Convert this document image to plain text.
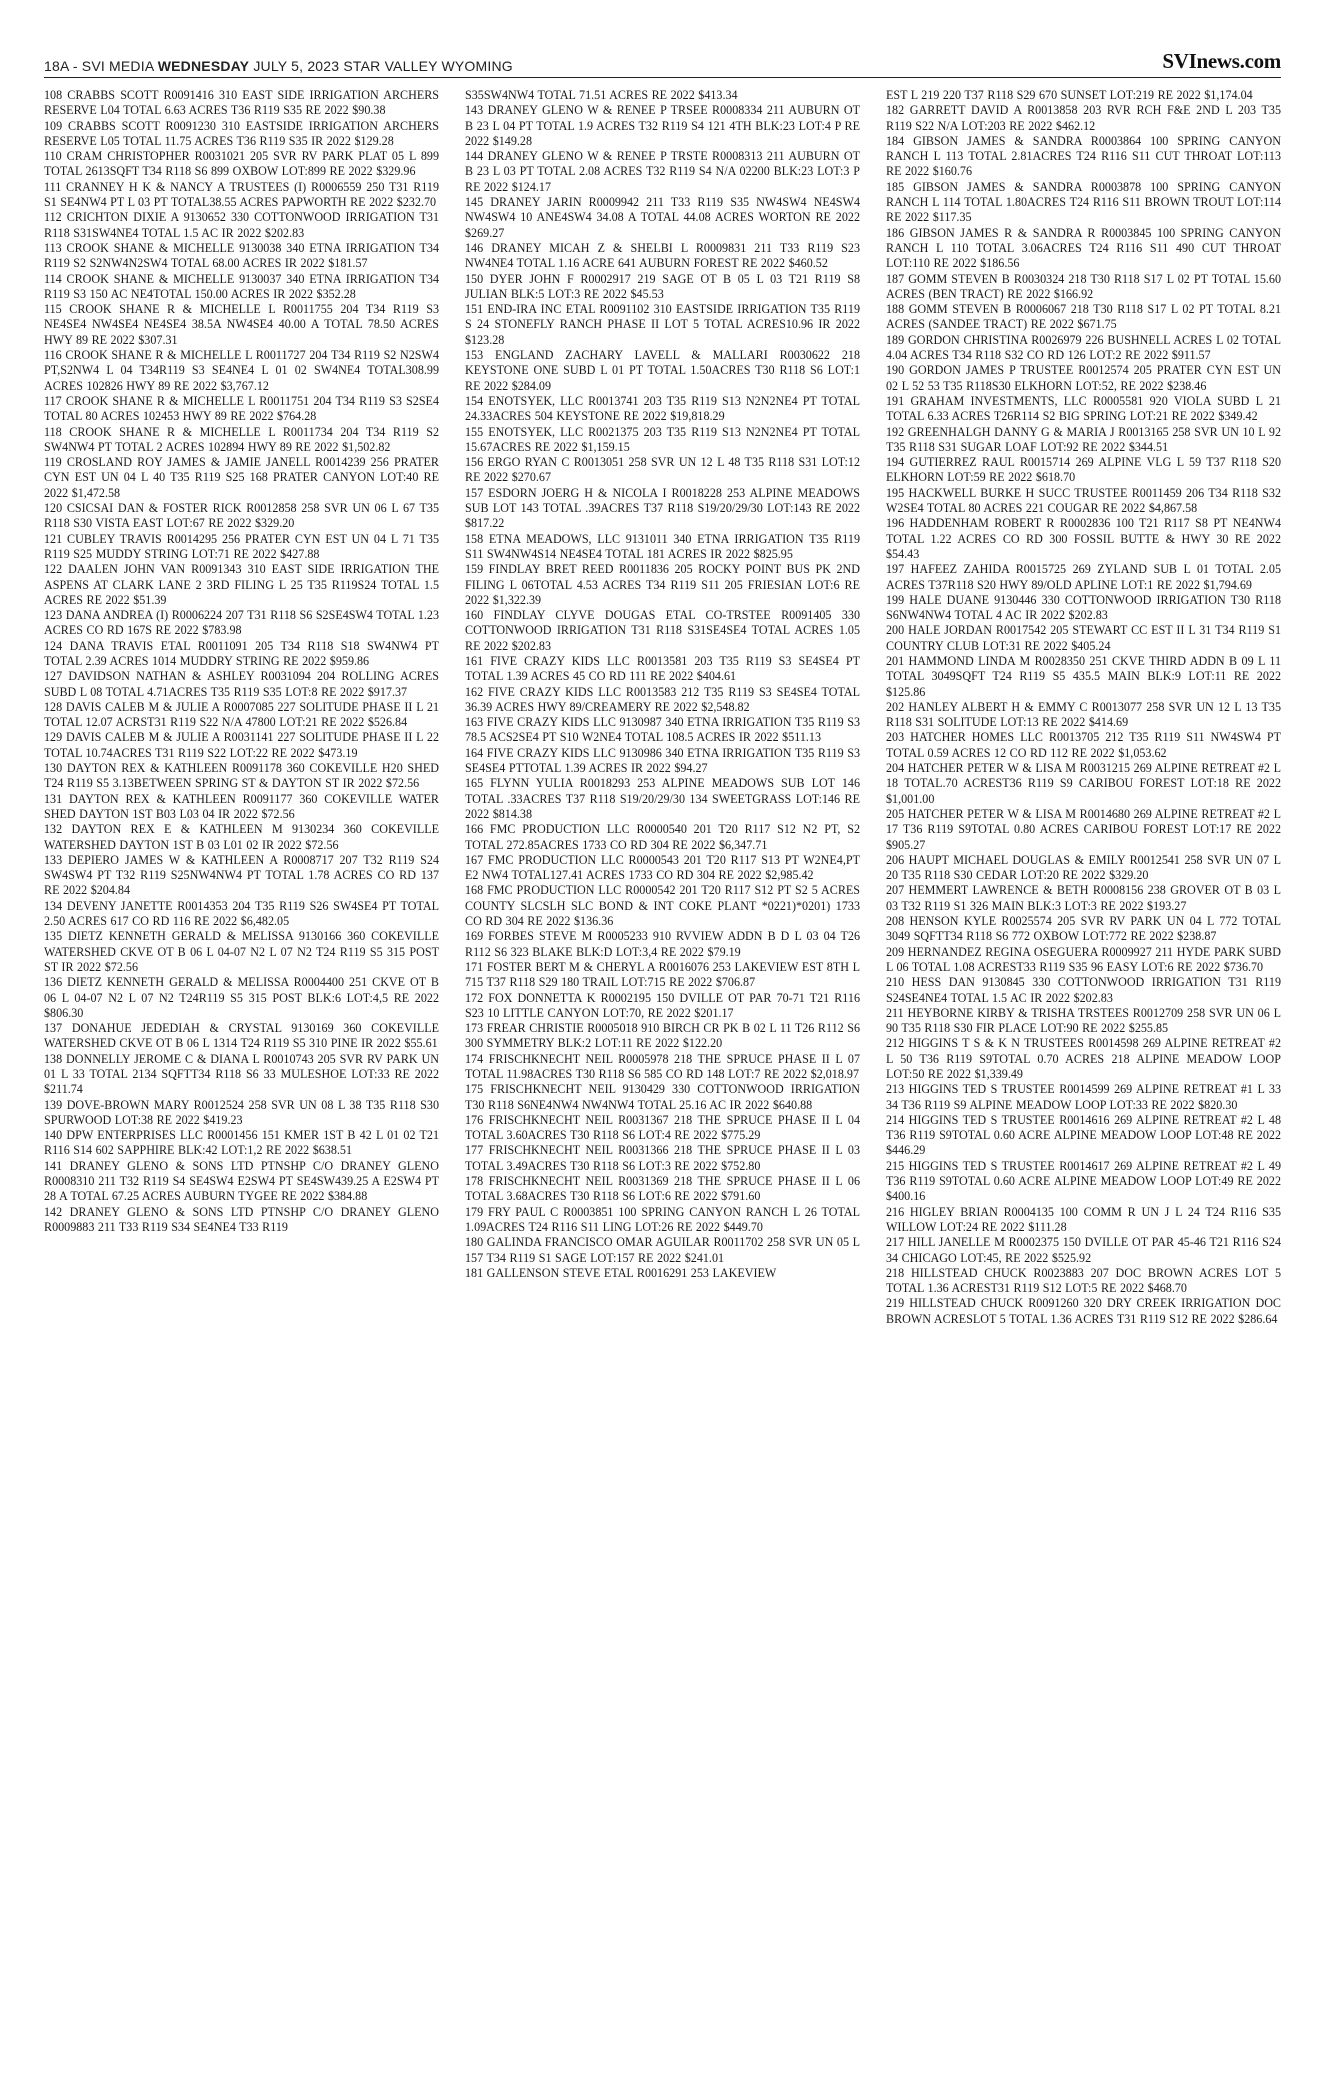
18A - SVI MEDIA WEDNESDAY JULY 5, 2023 STAR VALLEY WYOMING	SVInews.com

108 CRABBS SCOTT R0091416 310 EAST SIDE IRRIGATION ARCHERS RESERVE L04 TOTAL 6.63 ACRES T36 R119 S35 RE 2022 $90.38

109 CRABBS SCOTT R0091230 310 EASTSIDE IRRIGATION ARCHERS RESERVE L05 TOTAL 11.75 ACRES T36 R119 S35 IR 2022 $129.28

110 CRAM CHRISTOPHER R0031021 205 SVR RV PARK PLAT 05 L 899 TOTAL 2613SQFT T34 R118 S6 899 OXBOW LOT:899 RE 2022 $329.96

111 CRANNEY H K & NANCY A TRUSTEES (I) R0006559 250 T31 R119 S1 SE4NW4 PT L 03 PT TOTAL38.55 ACRES PAPWORTH RE 2022 $232.70

112 CRICHTON DIXIE A 9130652 330 COTTONWOOD IRRIGATION T31 R118 S31SW4NE4 TOTAL 1.5 AC IR 2022 $202.83

113 CROOK SHANE & MICHELLE 9130038 340 ETNA IRRIGATION T34 R119 S2 S2NW4N2SW4 TOTAL 68.00 ACRES IR 2022 $181.57

114 CROOK SHANE & MICHELLE 9130037 340 ETNA IRRIGATION T34 R119 S3 150 AC NE4TOTAL 150.00 ACRES IR 2022 $352.28

115 CROOK SHANE R & MICHELLE L R0011755 204 T34 R119 S3 NE4SE4 NW4SE4 NE4SE4 38.5A NW4SE4 40.00 A TOTAL 78.50 ACRES HWY 89 RE 2022 $307.31

116 CROOK SHANE R & MICHELLE L R0011727 204 T34 R119 S2 N2SW4 PT,S2NW4 L 04 T34R119 S3 SE4NE4 L 01 02 SW4NE4 TOTAL308.99 ACRES 102826 HWY 89 RE 2022 $3,767.12

117 CROOK SHANE R & MICHELLE L R0011751 204 T34 R119 S3 S2SE4 TOTAL 80 ACRES 102453 HWY 89 RE 2022 $764.28

118 CROOK SHANE R & MICHELLE L R0011734 204 T34 R119 S2 SW4NW4 PT TOTAL 2 ACRES 102894 HWY 89 RE 2022 $1,502.82

119 CROSLAND ROY JAMES & JAMIE JANELL R0014239 256 PRATER CYN EST UN 04 L 40 T35 R119 S25 168 PRATER CANYON LOT:40 RE 2022 $1,472.58

120 CSICSAI DAN & FOSTER RICK R0012858 258 SVR UN 06 L 67 T35 R118 S30 VISTA EAST LOT:67 RE 2022 $329.20

121 CUBLEY TRAVIS R0014295 256 PRATER CYN EST UN 04 L 71 T35 R119 S25 MUDDY STRING LOT:71 RE 2022 $427.88

122 DAALEN JOHN VAN R0091343 310 EAST SIDE IRRIGATION THE ASPENS AT CLARK LANE 2 3RD FILING L 25 T35 R119S24 TOTAL 1.5 ACRES RE 2022 $51.39

123 DANA ANDREA (I) R0006224 207 T31 R118 S6 S2SE4SW4 TOTAL 1.23 ACRES CO RD 167S RE 2022 $783.98

124 DANA TRAVIS ETAL R0011091 205 T34 R118 S18 SW4NW4 PT TOTAL 2.39 ACRES 1014 MUDDRY STRING RE 2022 $959.86

127 DAVIDSON NATHAN & ASHLEY R0031094 204 ROLLING ACRES SUBD L 08 TOTAL 4.71ACRES T35 R119 S35 LOT:8 RE 2022 $917.37

128 DAVIS CALEB M & JULIE A R0007085 227 SOLITUDE PHASE II L 21 TOTAL 12.07 ACRST31 R119 S22 N/A 47800 LOT:21 RE 2022 $526.84

129 DAVIS CALEB M & JULIE A R0031141 227 SOLITUDE PHASE II L 22 TOTAL 10.74ACRES T31 R119 S22 LOT:22 RE 2022 $473.19

130 DAYTON REX & KATHLEEN R0091178 360 COKEVILLE H20 SHED T24 R119 S5 3.13BETWEEN SPRING ST & DAYTON ST IR 2022 $72.56

131 DAYTON REX & KATHLEEN R0091177 360 COKEVILLE WATER SHED DAYTON 1ST B03 L03 04 IR 2022 $72.56

132 DAYTON REX E & KATHLEEN M 9130234 360 COKEVILLE WATERSHED DAYTON 1ST B 03 L01 02 IR 2022 $72.56

133 DEPIERO JAMES W & KATHLEEN A R0008717 207 T32 R119 S24 SW4SW4 PT T32 R119 S25NW4NW4 PT TOTAL 1.78 ACRES CO RD 137 RE 2022 $204.84

134 DEVENY JANETTE R0014353 204 T35 R119 S26 SW4SE4 PT TOTAL 2.50 ACRES 617 CO RD 116 RE 2022 $6,482.05

135 DIETZ KENNETH GERALD & MELISSA 9130166 360 COKEVILLE WATERSHED CKVE OT B 06 L 04-07 N2 L 07 N2 T24 R119 S5 315 POST ST IR 2022 $72.56

136 DIETZ KENNETH GERALD & MELISSA R0004400 251 CKVE OT B 06 L 04-07 N2 L 07 N2 T24R119 S5 315 POST BLK:6 LOT:4,5 RE 2022 $806.30

137 DONAHUE JEDEDIAH & CRYSTAL 9130169 360 COKEVILLE WATERSHED CKVE OT B 06 L 1314 T24 R119 S5 310 PINE IR 2022 $55.61

138 DONNELLY JEROME C & DIANA L R0010743 205 SVR RV PARK UN 01 L 33 TOTAL 2134 SQFTT34 R118 S6 33 MULESHOE LOT:33 RE 2022 $211.74

139 DOVE-BROWN MARY R0012524 258 SVR UN 08 L 38 T35 R118 S30 SPURWOOD LOT:38 RE 2022 $419.23

140 DPW ENTERPRISES LLC R0001456 151 KMER 1ST B 42 L 01 02 T21 R116 S14 602 SAPPHIRE BLK:42 LOT:1,2 RE 2022 $638.51

141 DRANEY GLENO & SONS LTD PTNSHP C/O DRANEY GLENO R0008310 211 T32 R119 S4 SE4SW4 E2SW4 PT SE4SW439.25 A E2SW4 PT 28 A TOTAL 67.25 ACRES AUBURN TYGEE RE 2022 $384.88

142 DRANEY GLENO & SONS LTD PTNSHP C/O DRANEY GLENO R0009883 211 T33 R119 S34 SE4NE4 T33 R119

S35SW4NW4 TOTAL 71.51 ACRES RE 2022 $413.34

143 DRANEY GLENO W & RENEE P TRSEE R0008334 211 AUBURN OT B 23 L 04 PT TOTAL 1.9 ACRES T32 R119 S4 121 4TH BLK:23 LOT:4 P RE 2022 $149.28

144 DRANEY GLENO W & RENEE P TRSTE R0008313 211 AUBURN OT B 23 L 03 PT TOTAL 2.08 ACRES T32 R119 S4 N/A 02200 BLK:23 LOT:3 P RE 2022 $124.17

145 DRANEY JARIN R0009942 211 T33 R119 S35 NW4SW4 NE4SW4 NW4SW4 10 ANE4SW4 34.08 A TOTAL 44.08 ACRES WORTON RE 2022 $269.27

146 DRANEY MICAH Z & SHELBI L R0009831 211 T33 R119 S23 NW4NE4 TOTAL 1.16 ACRE 641 AUBURN FOREST RE 2022 $460.52

150 DYER JOHN F R0002917 219 SAGE OT B 05 L 03 T21 R119 S8 JULIAN BLK:5 LOT:3 RE 2022 $45.53

151 END-IRA INC ETAL R0091102 310 EASTSIDE IRRIGATION T35 R119 S 24 STONEFLY RANCH PHASE II LOT 5 TOTAL ACRES10.96 IR 2022 $123.28

153 ENGLAND ZACHARY LAVELL & MALLARI R0030622 218 KEYSTONE ONE SUBD L 01 PT TOTAL 1.50ACRES T30 R118 S6 LOT:1 RE 2022 $284.09

154 ENOTSYEK, LLC R0013741 203 T35 R119 S13 N2N2NE4 PT TOTAL 24.33ACRES 504 KEYSTONE RE 2022 $19,818.29

155 ENOTSYEK, LLC R0021375 203 T35 R119 S13 N2N2NE4 PT TOTAL 15.67ACRES RE 2022 $1,159.15

156 ERGO RYAN C R0013051 258 SVR UN 12 L 48 T35 R118 S31 LOT:12 RE 2022 $270.67

157 ESDORN JOERG H & NICOLA I R0018228 253 ALPINE MEADOWS SUB LOT 143 TOTAL .39ACRES T37 R118 S19/20/29/30 LOT:143 RE 2022 $817.22

158 ETNA MEADOWS, LLC 9131011 340 ETNA IRRIGATION T35 R119 S11 SW4NW4S14 NE4SE4 TOTAL 181 ACRES IR 2022 $825.95

159 FINDLAY BRET REED R0011836 205 ROCKY POINT BUS PK 2ND FILING L 06TOTAL 4.53 ACRES T34 R119 S11 205 FRIESIAN LOT:6 RE 2022 $1,322.39

160 FINDLAY CLYVE DOUGAS ETAL CO-TRSTEE R0091405 330 COTTONWOOD IRRIGATION T31 R118 S31SE4SE4 TOTAL ACRES 1.05 RE 2022 $202.83

161 FIVE CRAZY KIDS LLC R0013581 203 T35 R119 S3 SE4SE4 PT TOTAL 1.39 ACRES 45 CO RD 111 RE 2022 $404.61

162 FIVE CRAZY KIDS LLC R0013583 212 T35 R119 S3 SE4SE4 TOTAL 36.39 ACRES HWY 89/CREAMERY RE 2022 $2,548.82

163 FIVE CRAZY KIDS LLC 9130987 340 ETNA IRRIGATION T35 R119 S3 78.5 ACS2SE4 PT S10 W2NE4 TOTAL 108.5 ACRES IR 2022 $511.13

164 FIVE CRAZY KIDS LLC 9130986 340 ETNA IRRIGATION T35 R119 S3 SE4SE4 PTTOTAL 1.39 ACRES IR 2022 $94.27

165 FLYNN YULIA R0018293 253 ALPINE MEADOWS SUB LOT 146 TOTAL .33ACRES T37 R118 S19/20/29/30 134 SWEETGRASS LOT:146 RE 2022 $814.38

166 FMC PRODUCTION LLC R0000540 201 T20 R117 S12 N2 PT, S2 TOTAL 272.85ACRES 1733 CO RD 304 RE 2022 $6,347.71

167 FMC PRODUCTION LLC R0000543 201 T20 R117 S13 PT W2NE4,PT E2 NW4 TOTAL127.41 ACRES 1733 CO RD 304 RE 2022 $2,985.42

168 FMC PRODUCTION LLC R0000542 201 T20 R117 S12 PT S2 5 ACRES COUNTY SLCSLH SLC BOND & INT COKE PLANT *0221)*0201) 1733 CO RD 304 RE 2022 $136.36

169 FORBES STEVE M R0005233 910 RVVIEW ADDN B D L 03 04 T26 R112 S6 323 BLAKE BLK:D LOT:3,4 RE 2022 $79.19

171 FOSTER BERT M & CHERYL A R0016076 253 LAKEVIEW EST 8TH L 715 T37 R118 S29 180 TRAIL LOT:715 RE 2022 $706.87

172 FOX DONNETTA K R0002195 150 DVILLE OT PAR 70-71 T21 R116 S23 10 LITTLE CANYON LOT:70, RE 2022 $201.17

173 FREAR CHRISTIE R0005018 910 BIRCH CR PK B 02 L 11 T26 R112 S6 300 SYMMETRY BLK:2 LOT:11 RE 2022 $122.20

174 FRISCHKNECHT NEIL R0005978 218 THE SPRUCE PHASE II L 07 TOTAL 11.98ACRES T30 R118 S6 585 CO RD 148 LOT:7 RE 2022 $2,018.97

175 FRISCHKNECHT NEIL 9130429 330 COTTONWOOD IRRIGATION T30 R118 S6NE4NW4 NW4NW4 TOTAL 25.16 AC IR 2022 $640.88

176 FRISCHKNECHT NEIL R0031367 218 THE SPRUCE PHASE II L 04 TOTAL 3.60ACRES T30 R118 S6 LOT:4 RE 2022 $775.29

177 FRISCHKNECHT NEIL R0031366 218 THE SPRUCE PHASE II L 03 TOTAL 3.49ACRES T30 R118 S6 LOT:3 RE 2022 $752.80

178 FRISCHKNECHT NEIL R0031369 218 THE SPRUCE PHASE II L 06 TOTAL 3.68ACRES T30 R118 S6 LOT:6 RE 2022 $791.60

179 FRY PAUL C R0003851 100 SPRING CANYON RANCH L 26 TOTAL 1.09ACRES T24 R116 S11 LING LOT:26 RE 2022 $449.70

180 GALINDA FRANCISCO OMAR AGUILAR R0011702 258 SVR UN 05 L 157 T34 R119 S1 SAGE LOT:157 RE 2022 $241.01

181 GALLENSON STEVE ETAL R0016291 253 LAKEVIEW

EST L 219 220 T37 R118 S29 670 SUNSET LOT:219 RE 2022 $1,174.04

182 GARRETT DAVID A R0013858 203 RVR RCH F&E 2ND L 203 T35 R119 S22 N/A LOT:203 RE 2022 $462.12

184 GIBSON JAMES & SANDRA R0003864 100 SPRING CANYON RANCH L 113 TOTAL 2.81ACRES T24 R116 S11 CUT THROAT LOT:113 RE 2022 $160.76

185 GIBSON JAMES & SANDRA R0003878 100 SPRING CANYON RANCH L 114 TOTAL 1.80ACRES T24 R116 S11 BROWN TROUT LOT:114 RE 2022 $117.35

186 GIBSON JAMES R & SANDRA R R0003845 100 SPRING CANYON RANCH L 110 TOTAL 3.06ACRES T24 R116 S11 490 CUT THROAT LOT:110 RE 2022 $186.56

187 GOMM STEVEN B R0030324 218 T30 R118 S17 L 02 PT TOTAL 15.60 ACRES (BEN TRACT) RE 2022 $166.92

188 GOMM STEVEN B R0006067 218 T30 R118 S17 L 02 PT TOTAL 8.21 ACRES (SANDEE TRACT) RE 2022 $671.75

189 GORDON CHRISTINA R0026979 226 BUSHNELL ACRES L 02 TOTAL 4.04 ACRES T34 R118 S32 CO RD 126 LOT:2 RE 2022 $911.57

190 GORDON JAMES P TRUSTEE R0012574 205 PRATER CYN EST UN 02 L 52 53 T35 R118S30 ELKHORN LOT:52, RE 2022 $238.46

191 GRAHAM INVESTMENTS, LLC R0005581 920 VIOLA SUBD L 21 TOTAL 6.33 ACRES T26R114 S2 BIG SPRING LOT:21 RE 2022 $349.42

192 GREENHALGH DANNY G & MARIA J R0013165 258 SVR UN 10 L 92 T35 R118 S31 SUGAR LOAF LOT:92 RE 2022 $344.51

194 GUTIERREZ RAUL R0015714 269 ALPINE VLG L 59 T37 R118 S20 ELKHORN LOT:59 RE 2022 $618.70

195 HACKWELL BURKE H SUCC TRUSTEE R0011459 206 T34 R118 S32 W2SE4 TOTAL 80 ACRES 221 COUGAR RE 2022 $4,867.58

196 HADDENHAM ROBERT R R0002836 100 T21 R117 S8 PT NE4NW4 TOTAL 1.22 ACRES CO RD 300 FOSSIL BUTTE & HWY 30 RE 2022 $54.43

197 HAFEEZ ZAHIDA R0015725 269 ZYLAND SUB L 01 TOTAL 2.05 ACRES T37R118 S20 HWY 89/OLD APLINE LOT:1 RE 2022 $1,794.69

199 HALE DUANE 9130446 330 COTTONWOOD IRRIGATION T30 R118 S6NW4NW4 TOTAL 4 AC IR 2022 $202.83

200 HALE JORDAN R0017542 205 STEWART CC EST II L 31 T34 R119 S1 COUNTRY CLUB LOT:31 RE 2022 $405.24

201 HAMMOND LINDA M R0028350 251 CKVE THIRD ADDN B 09 L 11 TOTAL 3049SQFT T24 R119 S5 435.5 MAIN BLK:9 LOT:11 RE 2022 $125.86

202 HANLEY ALBERT H & EMMY C R0013077 258 SVR UN 12 L 13 T35 R118 S31 SOLITUDE LOT:13 RE 2022 $414.69

203 HATCHER HOMES LLC R0013705 212 T35 R119 S11 NW4SW4 PT TOTAL 0.59 ACRES 12 CO RD 112 RE 2022 $1,053.62

204 HATCHER PETER W & LISA M R0031215 269 ALPINE RETREAT #2 L 18 TOTAL.70 ACREST36 R119 S9 CARIBOU FOREST LOT:18 RE 2022 $1,001.00

205 HATCHER PETER W & LISA M R0014680 269 ALPINE RETREAT #2 L 17 T36 R119 S9TOTAL 0.80 ACRES CARIBOU FOREST LOT:17 RE 2022 $905.27

206 HAUPT MICHAEL DOUGLAS & EMILY R0012541 258 SVR UN 07 L 20 T35 R118 S30 CEDAR LOT:20 RE 2022 $329.20

207 HEMMERT LAWRENCE & BETH R0008156 238 GROVER OT B 03 L 03 T32 R119 S1 326 MAIN BLK:3 LOT:3 RE 2022 $193.27

208 HENSON KYLE R0025574 205 SVR RV PARK UN 04 L 772 TOTAL 3049 SQFTT34 R118 S6 772 OXBOW LOT:772 RE 2022 $238.87

209 HERNANDEZ REGINA OSEGUERA R0009927 211 HYDE PARK SUBD L 06 TOTAL 1.08 ACREST33 R119 S35 96 EASY LOT:6 RE 2022 $736.70

210 HESS DAN 9130845 330 COTTONWOOD IRRIGATION T31 R119 S24SE4NE4 TOTAL 1.5 AC IR 2022 $202.83

211 HEYBORNE KIRBY & TRISHA TRSTEES R0012709 258 SVR UN 06 L 90 T35 R118 S30 FIR PLACE LOT:90 RE 2022 $255.85

212 HIGGINS T S & K N TRUSTEES R0014598 269 ALPINE RETREAT #2 L 50 T36 R119 S9TOTAL 0.70 ACRES 218 ALPINE MEADOW LOOP LOT:50 RE 2022 $1,339.49

213 HIGGINS TED S TRUSTEE R0014599 269 ALPINE RETREAT #1 L 33 34 T36 R119 S9 ALPINE MEADOW LOOP LOT:33 RE 2022 $820.30

214 HIGGINS TED S TRUSTEE R0014616 269 ALPINE RETREAT #2 L 48 T36 R119 S9TOTAL 0.60 ACRE ALPINE MEADOW LOOP LOT:48 RE 2022 $446.29

215 HIGGINS TED S TRUSTEE R0014617 269 ALPINE RETREAT #2 L 49 T36 R119 S9TOTAL 0.60 ACRE ALPINE MEADOW LOOP LOT:49 RE 2022 $400.16

216 HIGLEY BRIAN R0004135 100 COMM R UN J L 24 T24 R116 S35 WILLOW LOT:24 RE 2022 $111.28

217 HILL JANELLE M R0002375 150 DVILLE OT PAR 45-46 T21 R116 S24 34 CHICAGO LOT:45, RE 2022 $525.92

218 HILLSTEAD CHUCK R0023883 207 DOC BROWN ACRES LOT 5 TOTAL 1.36 ACREST31 R119 S12 LOT:5 RE 2022 $468.70

219 HILLSTEAD CHUCK R0091260 320 DRY CREEK IRRIGATION DOC BROWN ACRESLOT 5 TOTAL 1.36 ACRES T31 R119 S12 RE 2022 $286.64
